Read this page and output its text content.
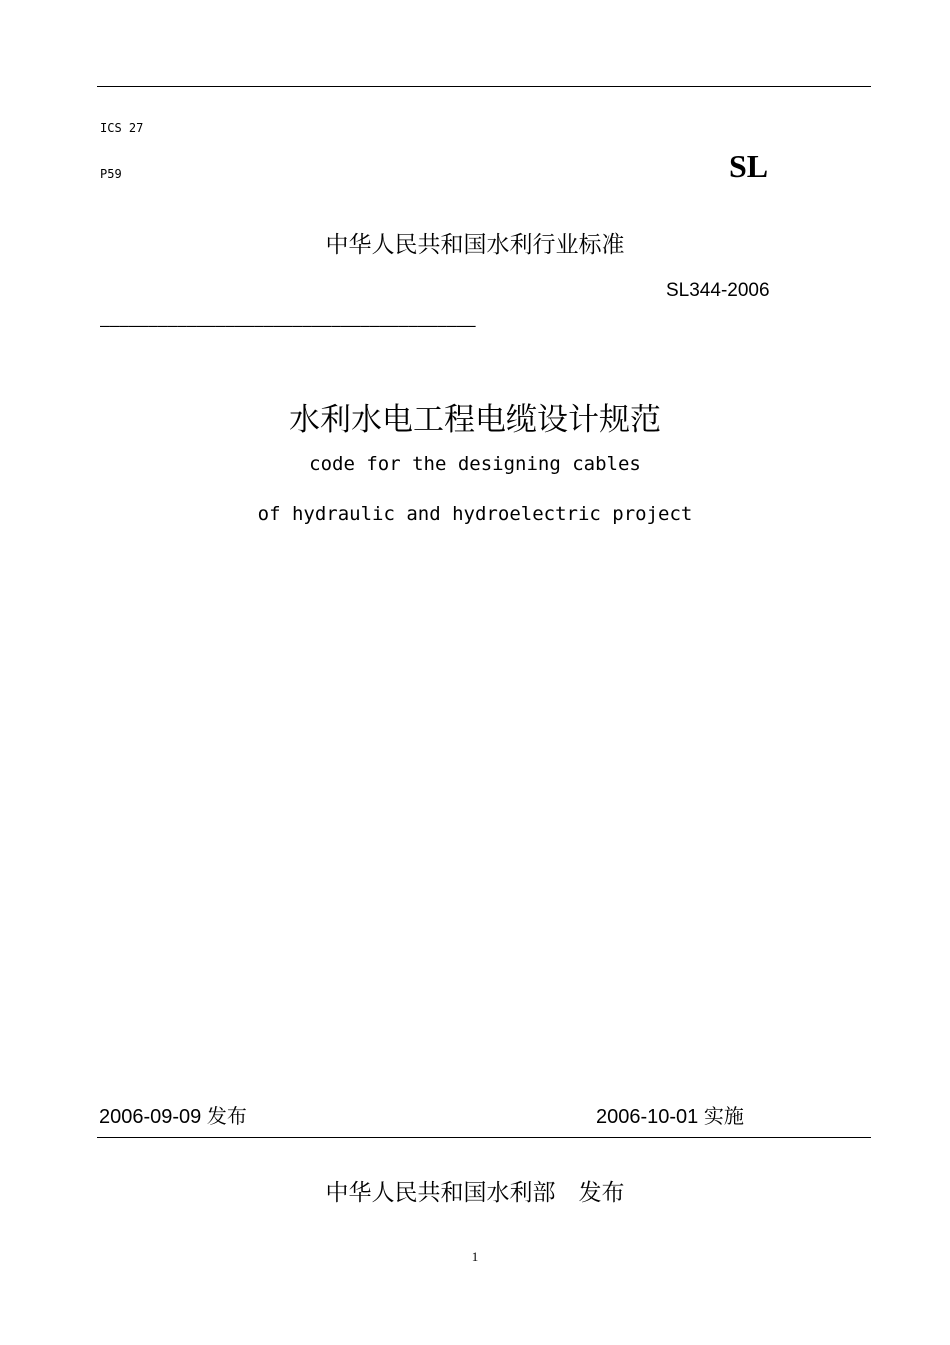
ICS 27
P59	SL
中华人民共和国水利行业标准
SL344-2006
———————————————————————————————————————
水利水电工程电缆设计规范
code for the designing cables
of hydraulic and hydroelectric project
2006-09-09 发布	2006-10-01 实施
中华人民共和国水利部　发布
1
